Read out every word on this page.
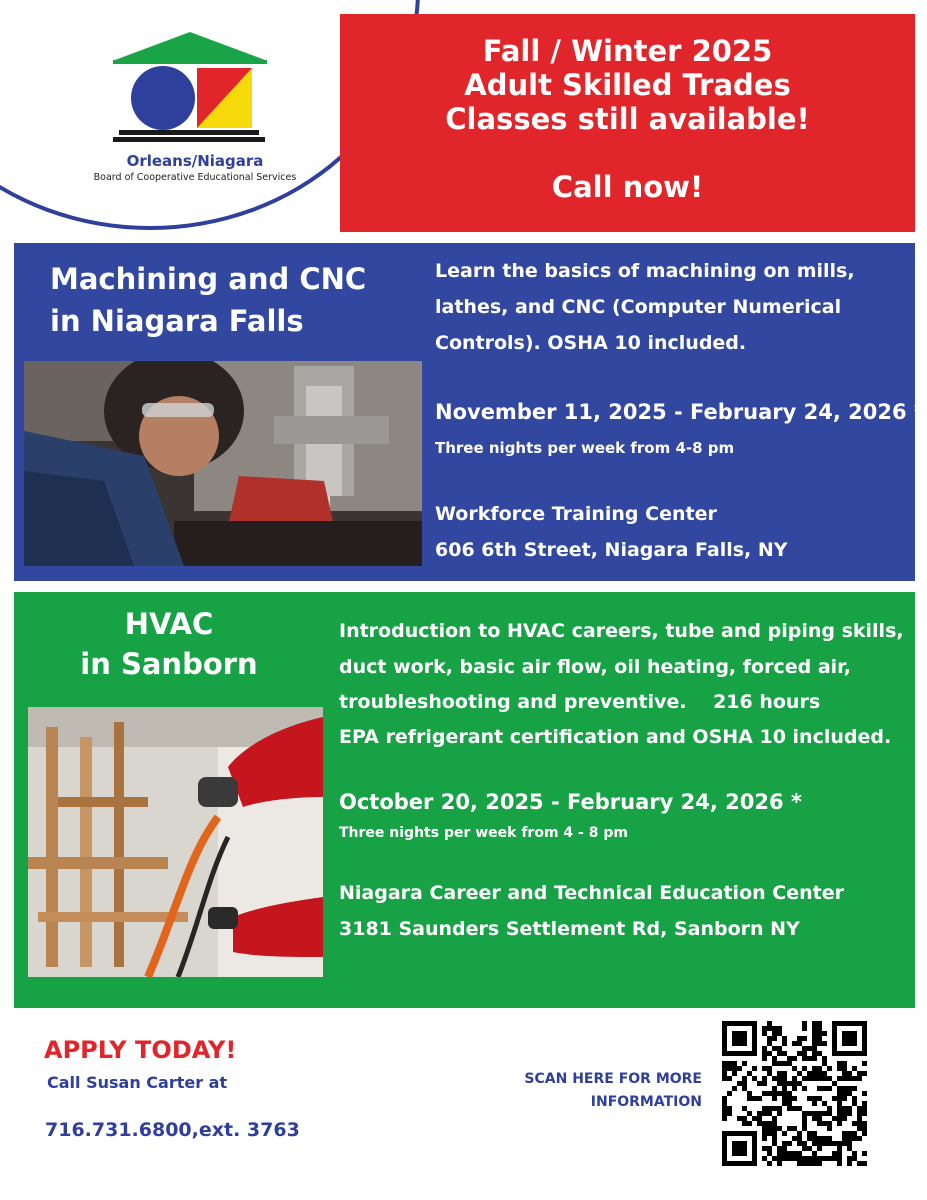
Orleans/Niagara
Board of Cooperative Educational Services
Fall / Winter 2025
Adult Skilled Trades
Classes still available!
Call now!
Machining and CNC
in Niagara Falls
Learn the basics of machining on mills,
lathes, and CNC (Computer Numerical
Controls). OSHA 10 included.
November 11, 2025 - February 24, 2026 *
Three nights per week from 4-8 pm
Workforce Training Center
606 6th Street, Niagara Falls, NY
HVAC
in Sanborn
Introduction to HVAC careers, tube and piping skills,
duct work, basic air flow, oil heating, forced air,
troubleshooting and preventive.    216 hours
EPA refrigerant certification and OSHA 10 included.
October 20, 2025 - February 24, 2026 *
Three nights per week from 4 - 8 pm
Niagara Career and Technical Education Center
3181 Saunders Settlement Rd, Sanborn NY
APPLY TODAY!
Call Susan Carter at
716.731.6800,ext. 3763
SCAN HERE FOR MORE
INFORMATION
